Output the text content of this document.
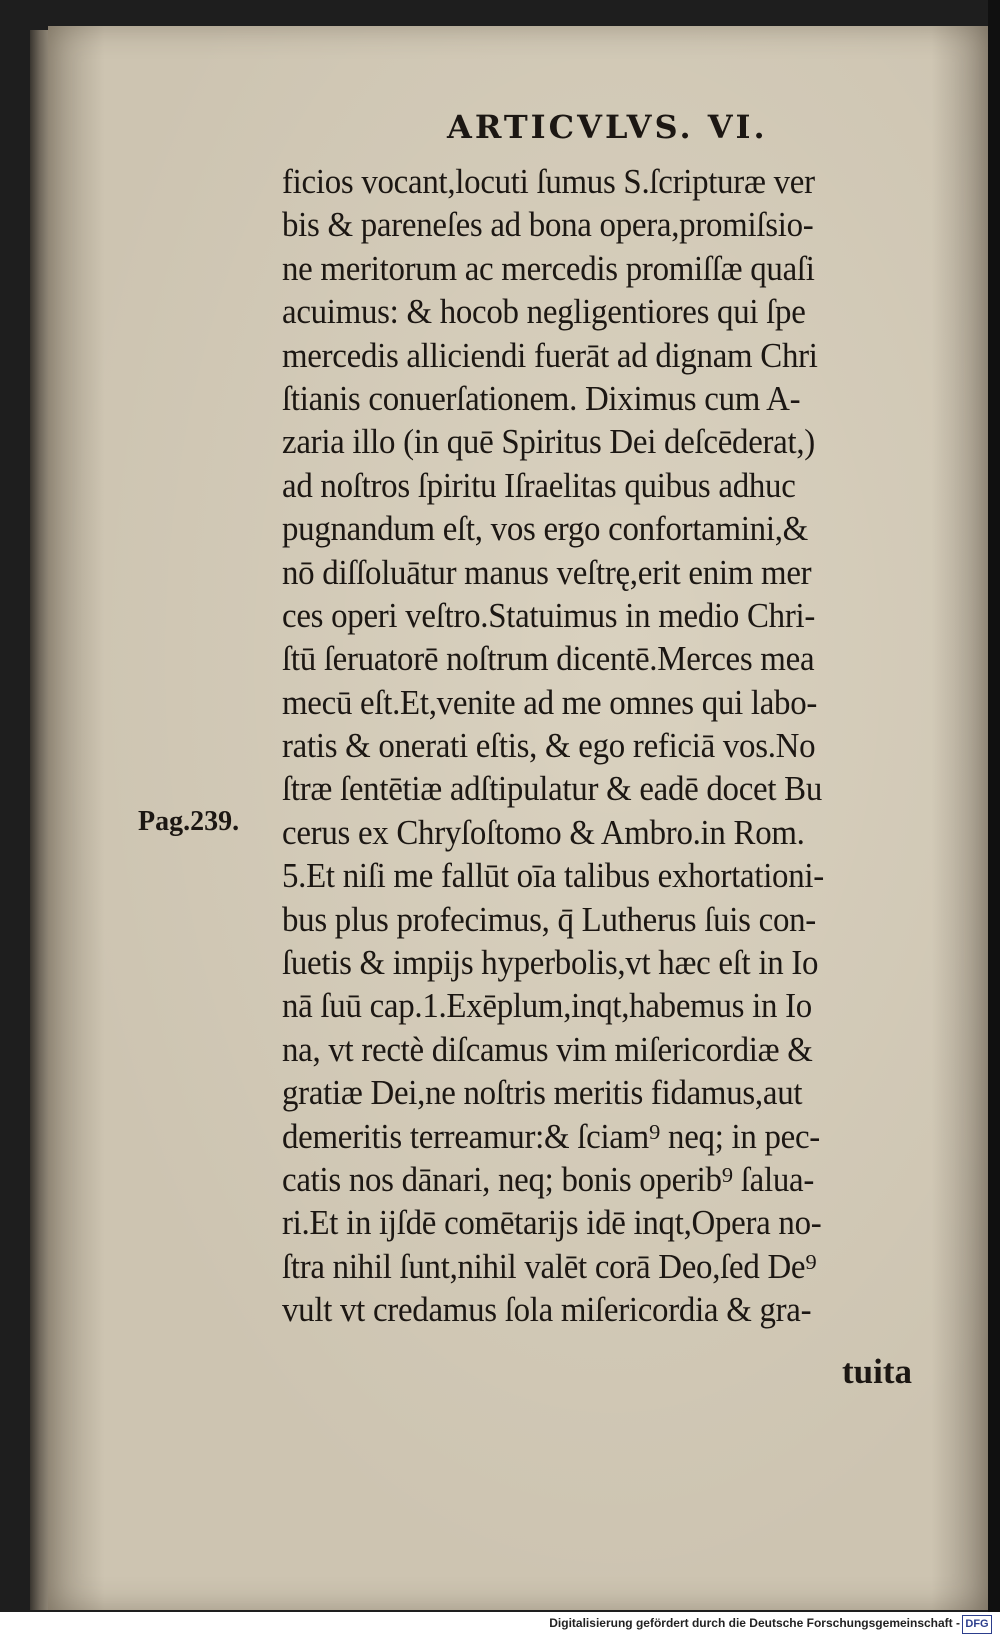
ARTICVLVS. VI.
Pag.239.
ficios vocant,locuti ſumus S.ſcripturæ ver
bis & pareneſes ad bona opera,promiſsio-
ne meritorum ac mercedis promiſſæ quaſi
acuimus: & hocob negligentiores qui ſpe
mercedis alliciendi fuerāt ad dignam Chri
ſtianis conuerſationem. Diximus cum A-
zaria illo (in quē Spiritus Dei deſcēderat,)
ad noſtros ſpiritu Iſraelitas quibus adhuc
pugnandum eſt, vos ergo confortamini,&
nō diſſoluātur manus veſtrę,erit enim mer
ces operi veſtro.Statuimus in medio Chri-
ſtū ſeruatorē noſtrum dicentē.Merces mea
mecū eſt.Et,venite ad me omnes qui labo-
ratis & onerati eſtis, & ego reficiā vos.No
ſtræ ſentētiæ adſtipulatur & eadē docet Bu
cerus ex Chryſoſtomo & Ambro.in Rom.
5.Et niſi me fallūt oīa talibus exhortationi-
bus plus profecimus, q̄ Lutherus ſuis con-
ſuetis & impijs hyperbolis,vt hæc eſt in Io
nā ſuū cap.1.Exēplum,inqt,habemus in Io
na, vt rectè diſcamus vim miſericordiæ &
gratiæ Dei,ne noſtris meritis fidamus,aut
demeritis terreamur:& ſciam⁹ neq; in pec-
catis nos dānari, neq; bonis operib⁹ ſalua-
ri.Et in ijſdē comētarijs idē inqt,Opera no-
ſtra nihil ſunt,nihil valēt corā Deo,ſed De⁹
vult vt credamus ſola miſericordia & gra-
tuita
Digitalisierung gefördert durch die Deutsche Forschungsgemeinschaft - DFG
